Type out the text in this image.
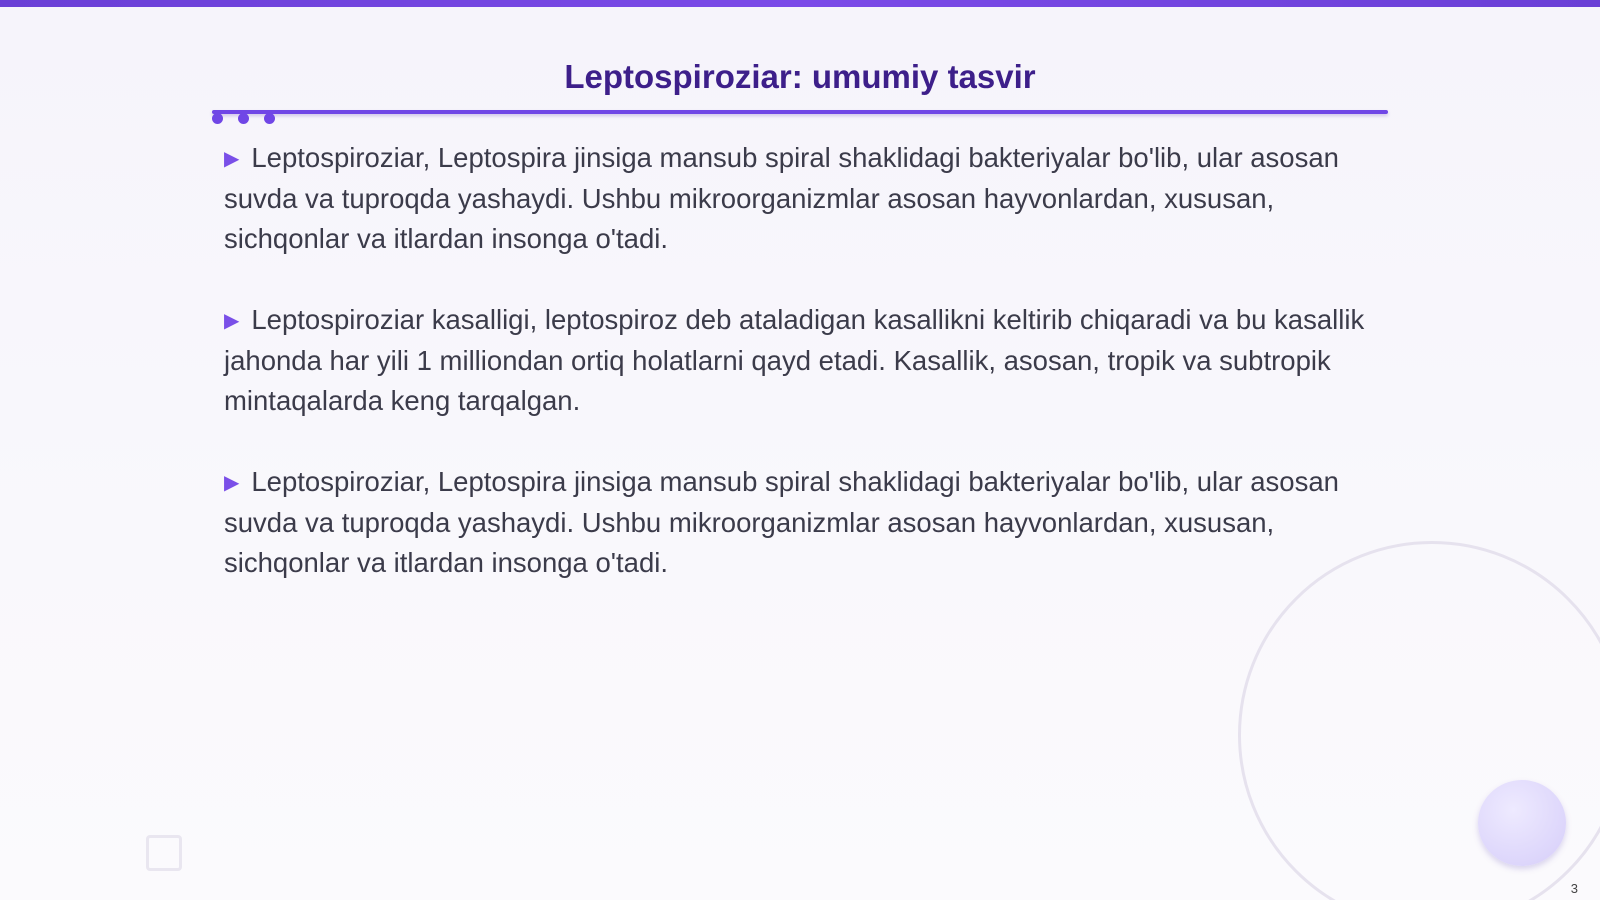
Leptospiroziar: umumiy tasvir

▶ Leptospiroziar, Leptospira jinsiga mansub spiral shaklidagi bakteriyalar bo'lib, ular asosan suvda va tuproqda yashaydi. Ushbu mikroorganizmlar asosan hayvonlardan, xususan, sichqonlar va itlardan insonga o'tadi.

▶ Leptospiroziar kasalligi, leptospiroz deb ataladigan kasallikni keltirib chiqaradi va bu kasallik jahonda har yili 1 milliondan ortiq holatlarni qayd etadi. Kasallik, asosan, tropik va subtropik mintaqalarda keng tarqalgan.

▶ Leptospiroziar, Leptospira jinsiga mansub spiral shaklidagi bakteriyalar bo'lib, ular asosan suvda va tuproqda yashaydi. Ushbu mikroorganizmlar asosan hayvonlardan, xususan, sichqonlar va itlardan insonga o'tadi.

3
